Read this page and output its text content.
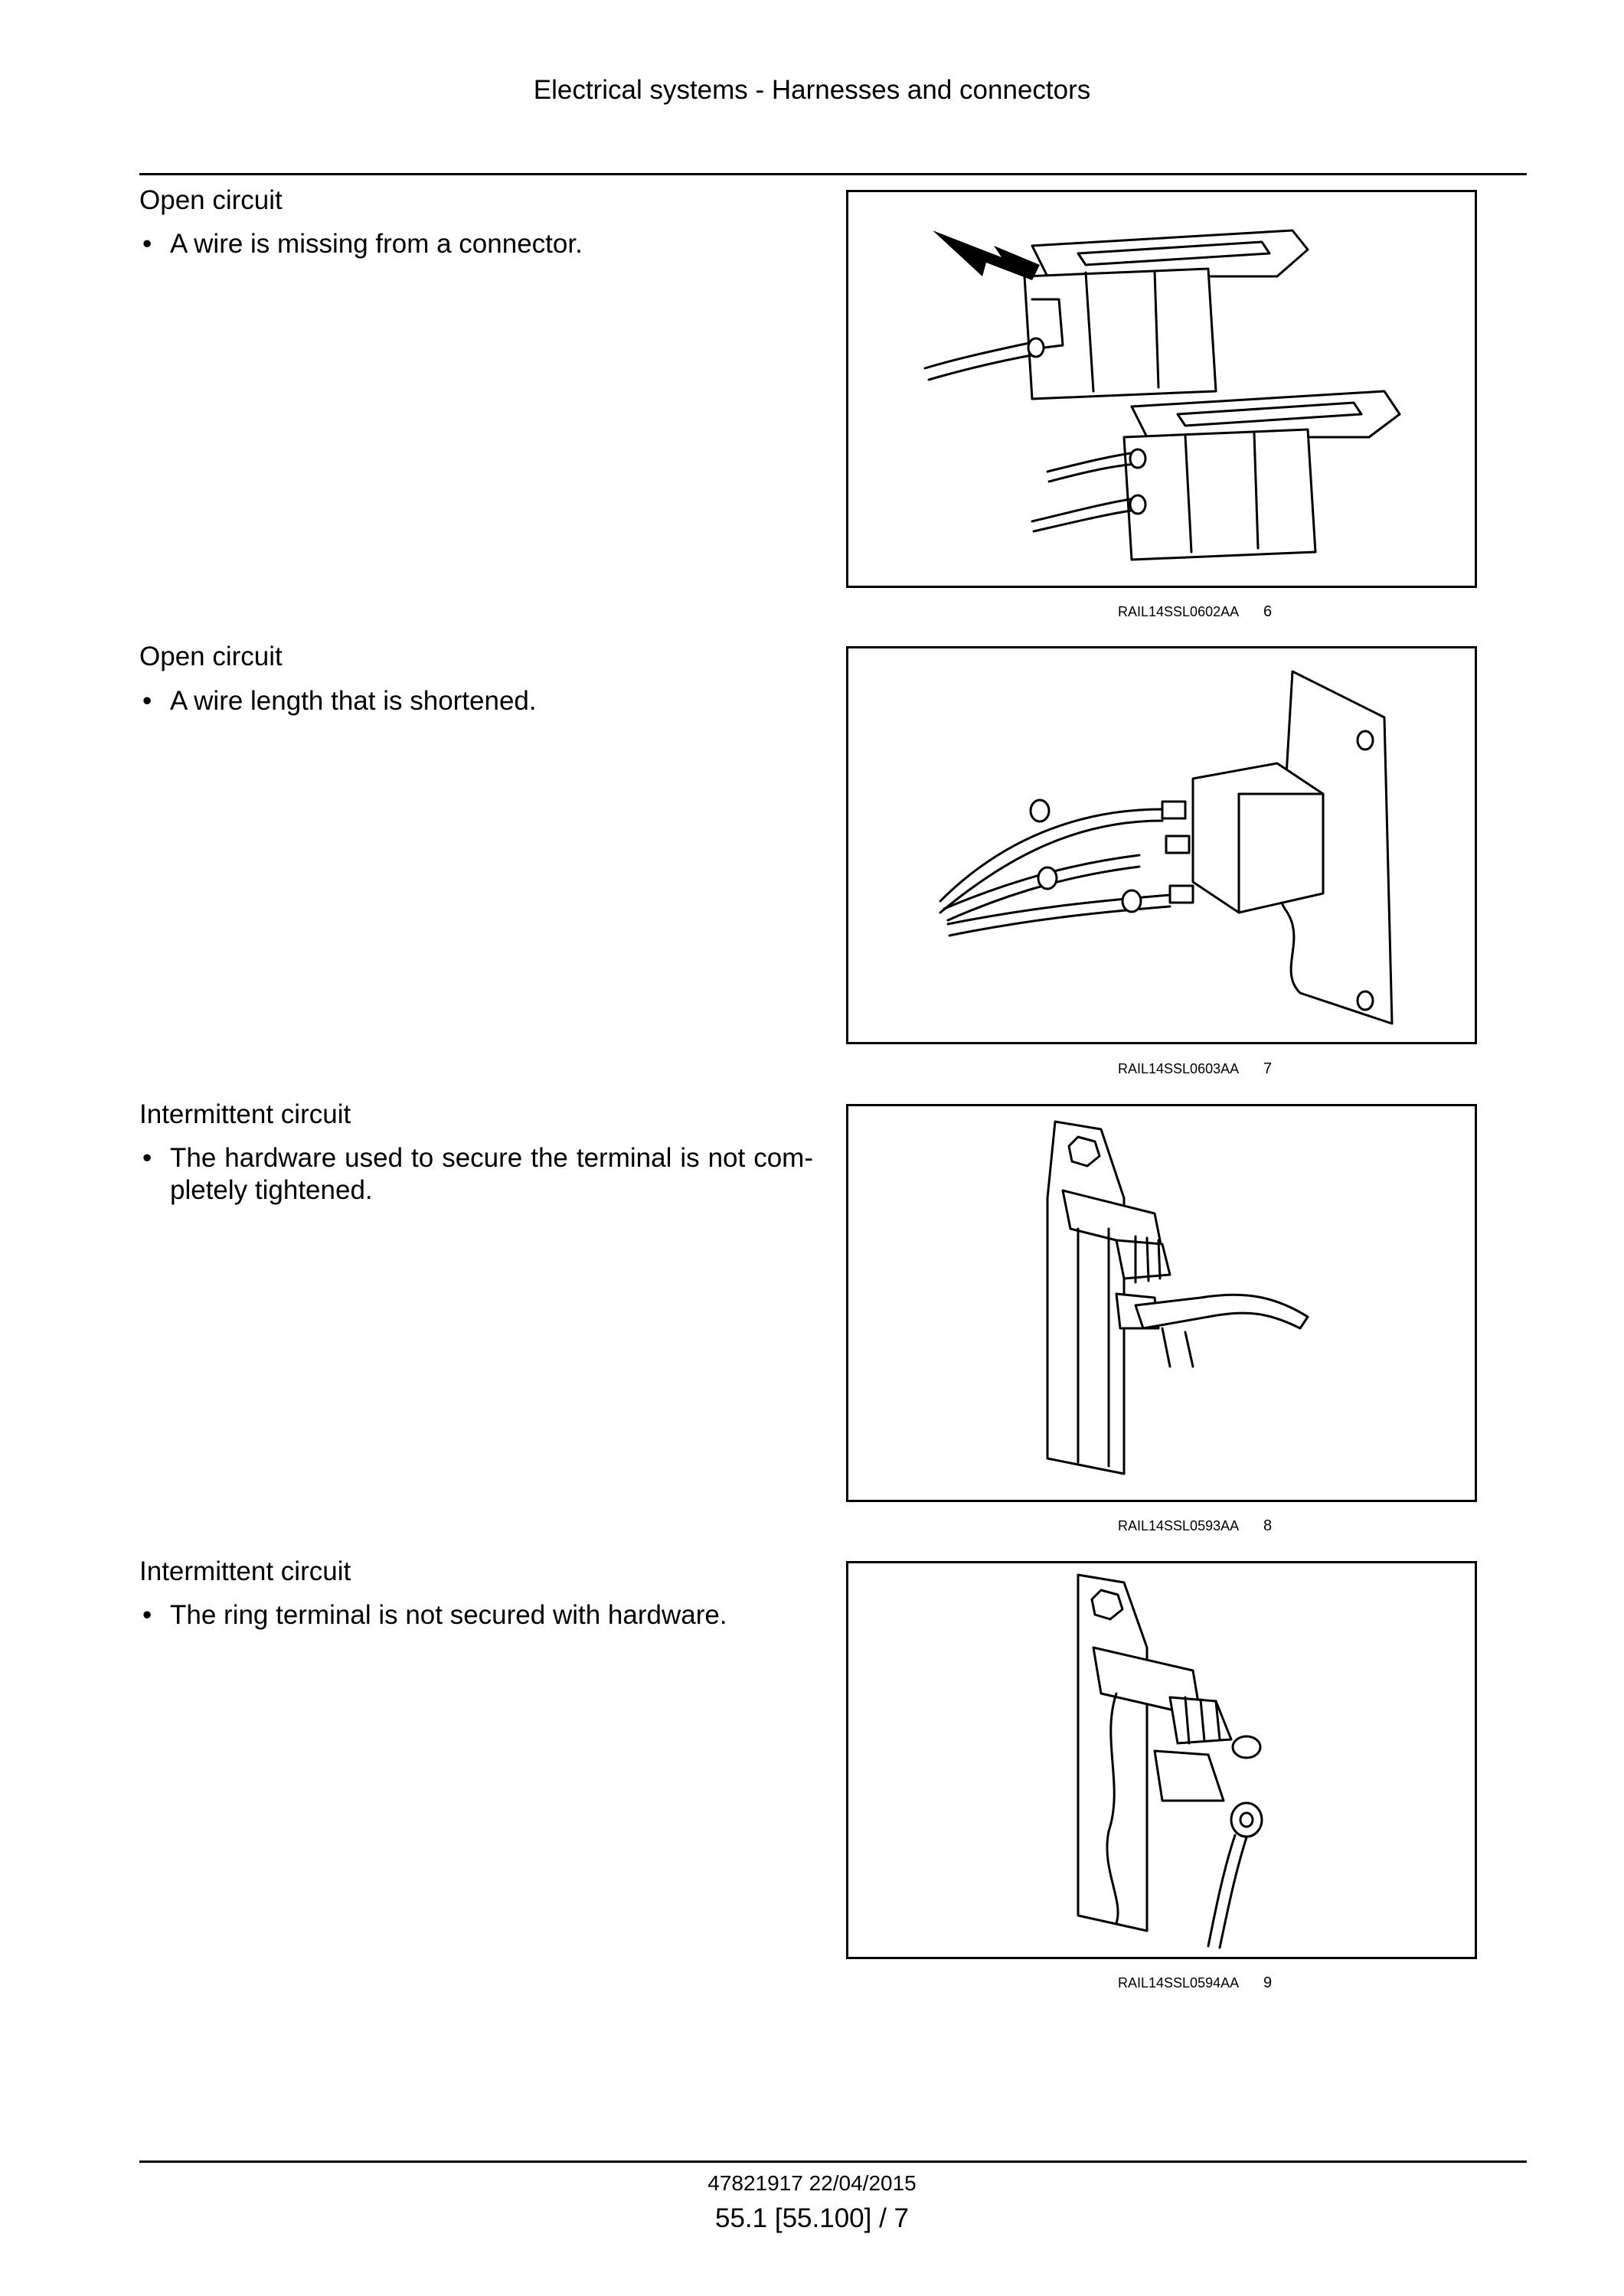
Electrical systems - Harnesses and connectors
Open circuit
• A wire is missing from a connector.
RAIL14SSL0602AA 6
Open circuit
• A wire length that is shortened.
RAIL14SSL0603AA 7
Intermittent circuit
• The hardware used to secure the terminal is not com-pletely tightened.
RAIL14SSL0593AA 8
Intermittent circuit
• The ring terminal is not secured with hardware.
RAIL14SSL0594AA 9
47821917 22/04/2015
55.1 [55.100] / 7
